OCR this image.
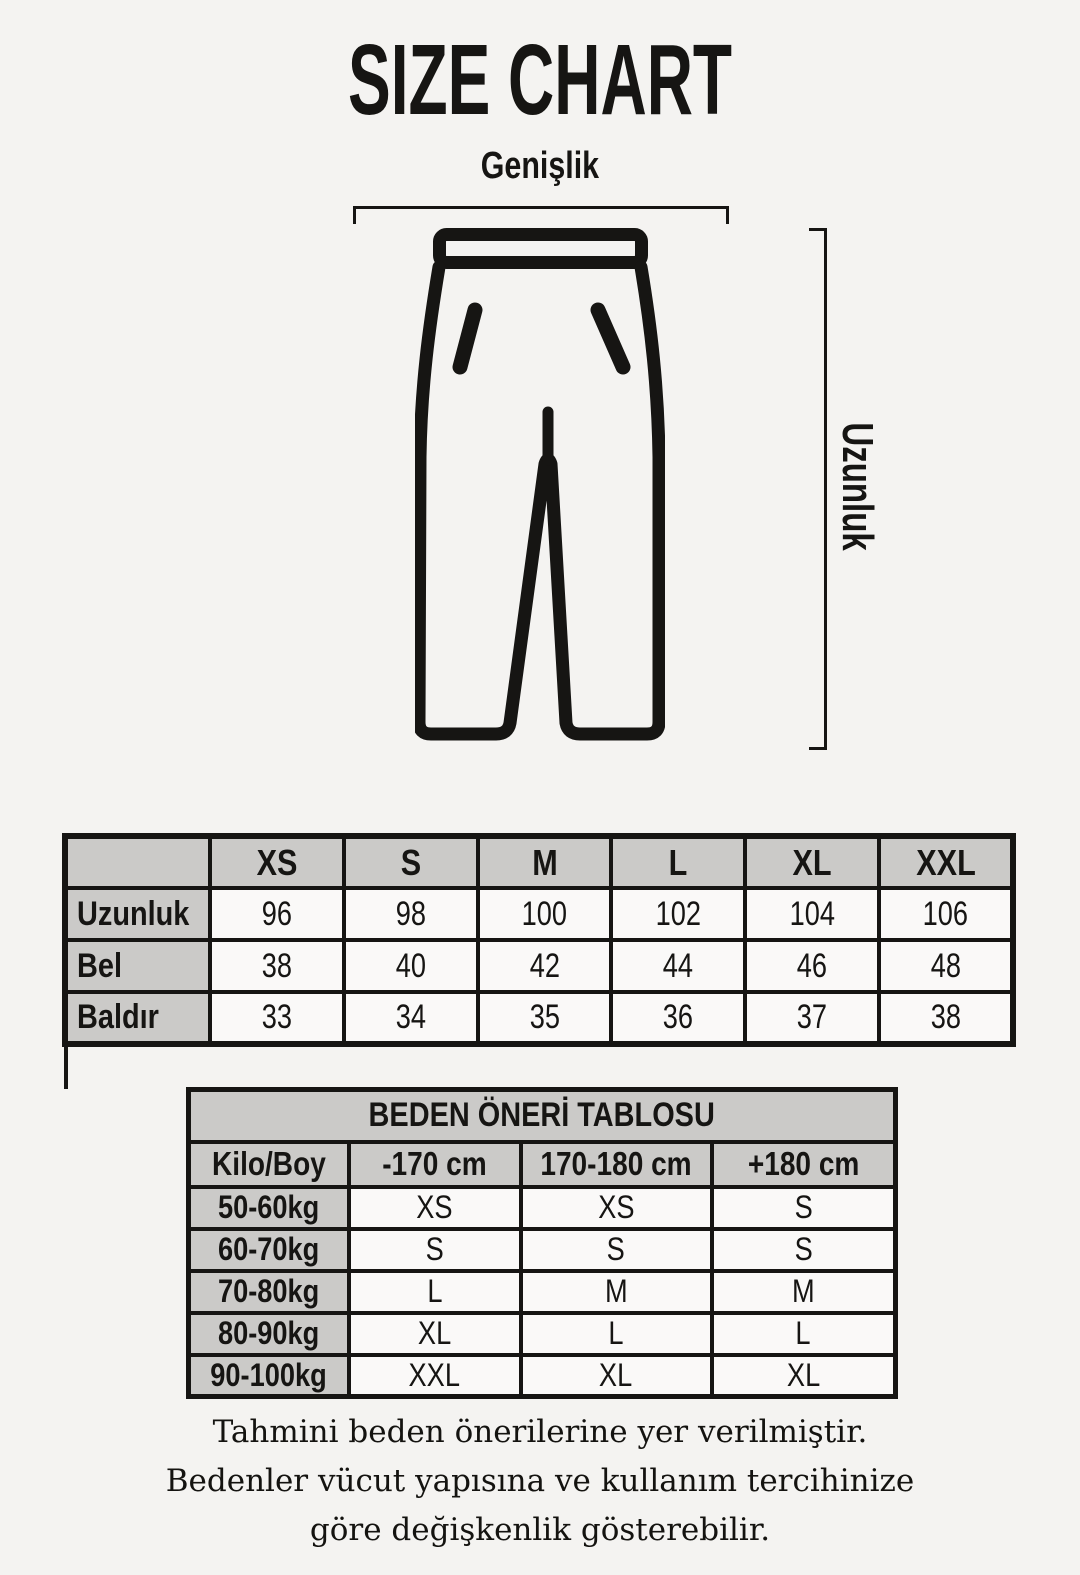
SIZE CHART
Genişlik
Uzunluk
	XS	S	M	L	XL	XXL
Uzunluk	96	98	100	102	104	106
Bel	38	40	42	44	46	48
Baldır	33	34	35	36	37	38
BEDEN ÖNERİ TABLOSU			
Kilo/Boy	-170 cm	170-180 cm	+180 cm
50-60kg	XS	XS	S
60-70kg	S	S	S
70-80kg	L	M	M
80-90kg	XL	L	L
90-100kg	XXL	XL	XL
Tahmini beden önerilerine yer verilmiştir.
Bedenler vücut yapısına ve kullanım tercihinize
göre değişkenlik gösterebilir.
